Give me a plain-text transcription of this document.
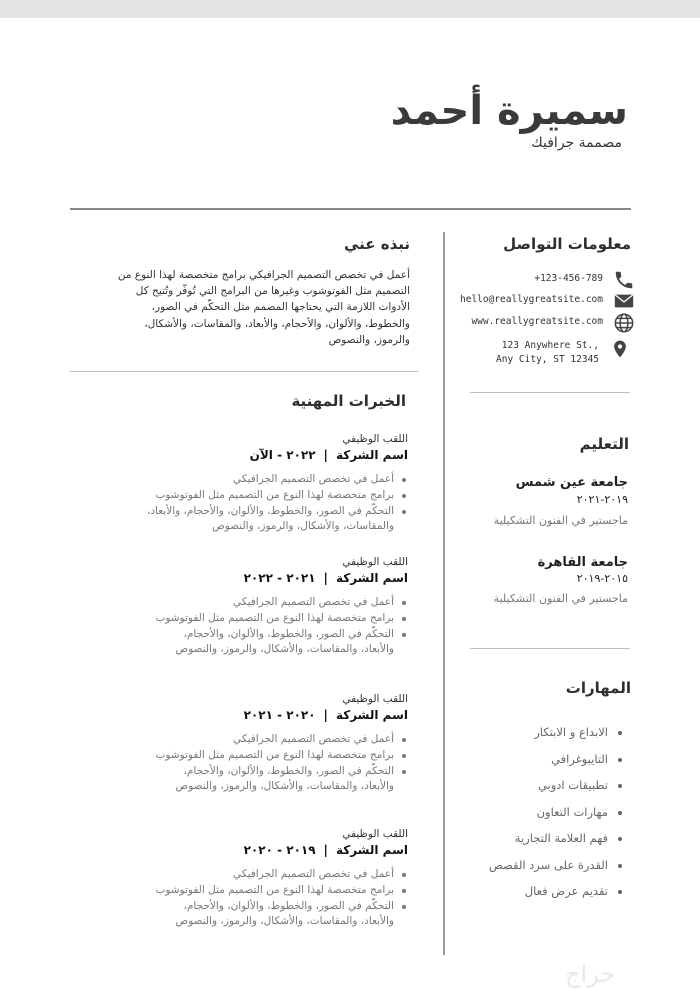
سميرة أحمد
مصممة جرافيك
معلومات التواصل
+123-456-789
hello@reallygreatsite.com
www.reallygreatsite.com
123 Anywhere St.,
Any City, ST 12345
التعليم
جامعة عين شمس
٢٠١٩-٢٠٢١
ماجستير في الفنون التشكيلية
جامعة القاهرة
٢٠١٥-٢٠١٩
ماجستير في الفنون التشكيلية
المهارات
الابداع و الابتكار
التايبوغرافي
تطبيقات ادوبي
مهارات التعاون
فهم العلامة التجارية
القدرة على سرد القصص
تقديم عرض فعال
نبذه عني
أعمل في تخصص التصميم الجرافيكي برامج متخصصة لهذا النوع من
التصميم مثل الفوتوشوب وغيرها من البرامج التي تُوفّر وتُتيح كل
الأدوات اللازمة التي يحتاجها المصمم مثل التحكّم في الصور،
والخطوط، والألوان، والأحجام، والأبعاد، والمقاسات، والأشكال،
والرموز، والنصوص
الخبرات المهنية
اللقب الوظيفي
اسم الشركة|٢٠٢٢ - الآن
أعمل في تخصص التصميم الجرافيكي
برامج متخصصة لهذا النوع من التصميم مثل الفوتوشوب
التحكّم في الصور، والخطوط، والألوان، والأحجام، والأبعاد،
والمقاسات، والأشكال، والرموز، والنصوص
اللقب الوظيفي
اسم الشركة|٢٠٢١ - ٢٠٢٢
أعمل في تخصص التصميم الجرافيكي
برامج متخصصة لهذا النوع من التصميم مثل الفوتوشوب
التحكّم في الصور، والخطوط، والألوان، والأحجام،
والأبعاد، والمقاسات، والأشكال، والرموز، والنصوص
اللقب الوظيفي
اسم الشركة|٢٠٢٠ - ٢٠٢١
أعمل في تخصص التصميم الجرافيكي
برامج متخصصة لهذا النوع من التصميم مثل الفوتوشوب
التحكّم في الصور، والخطوط، والألوان، والأحجام،
والأبعاد، والمقاسات، والأشكال، والرموز، والنصوص
اللقب الوظيفي
اسم الشركة|٢٠١٩ - ٢٠٢٠
أعمل في تخصص التصميم الجرافيكي
برامج متخصصة لهذا النوع من التصميم مثل الفوتوشوب
التحكّم في الصور، والخطوط، والألوان، والأحجام،
والأبعاد، والمقاسات، والأشكال، والرموز، والنصوص
حراج
